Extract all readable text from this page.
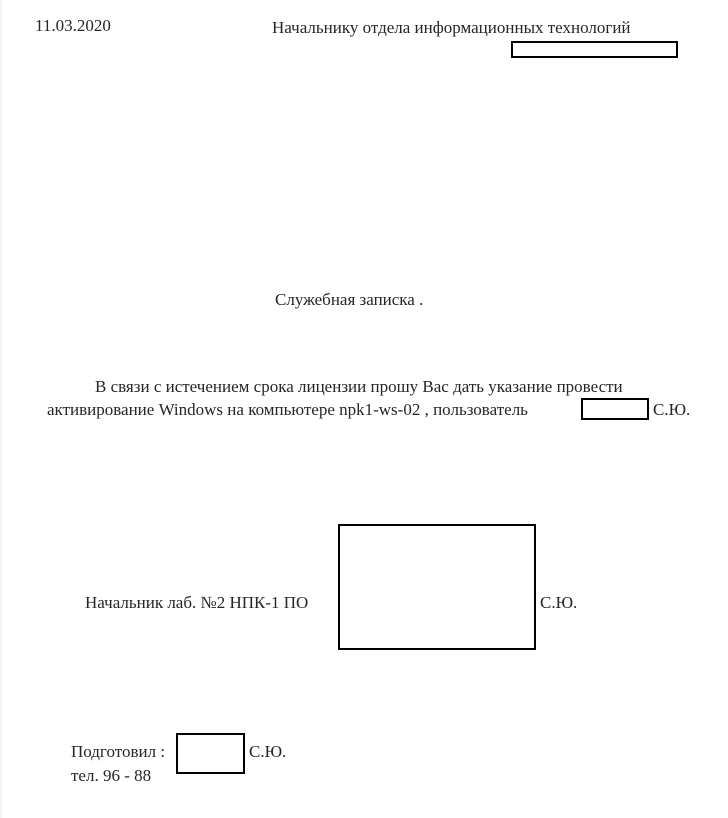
11.03.2020	Начальнику отдела информационных технологий

Служебная записка .

В связи с истечением срока лицензии прошу Вас дать указание провести

активирование Windows на компьютере npk1-ws-02 , пользователь	С.Ю.

Начальник лаб. №2 НПК-1 ПО	С.Ю.

Подготовил :	С.Ю.

тел. 96 - 88
